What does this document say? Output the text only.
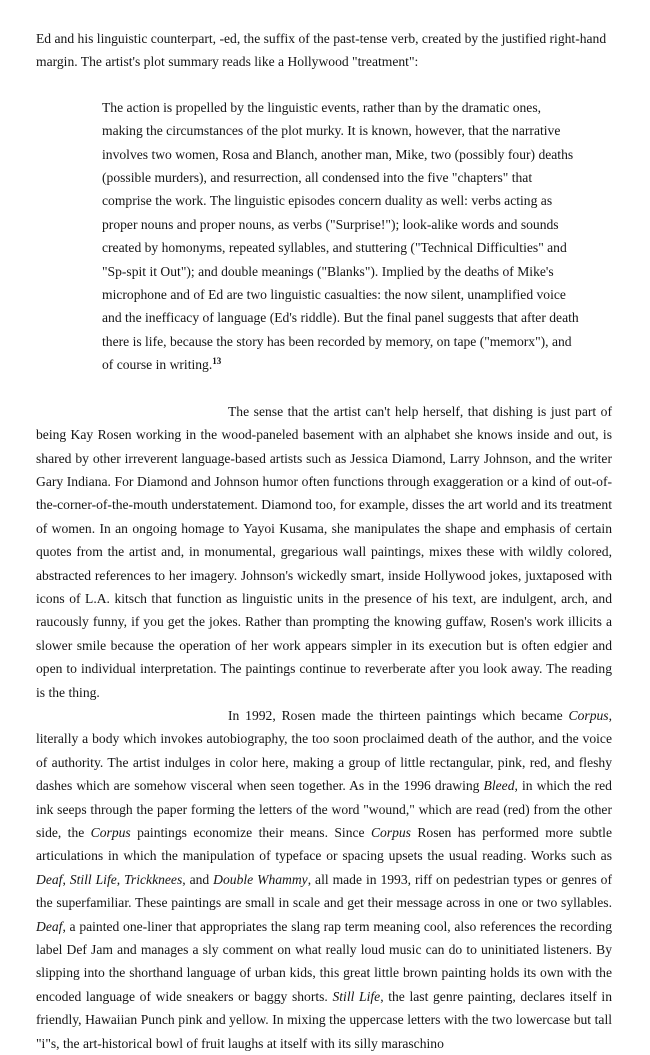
Ed and his linguistic counterpart, -ed, the suffix of the past-tense verb, created by the justified right-hand margin. The artist's plot summary reads like a Hollywood "treatment":

The action is propelled by the linguistic events, rather than by the dramatic ones, making the circumstances of the plot murky. It is known, however, that the narrative involves two women, Rosa and Blanch, another man, Mike, two (possibly four) deaths (possible murders), and resurrection, all condensed into the five "chapters" that comprise the work. The linguistic episodes concern duality as well: verbs acting as proper nouns and proper nouns, as verbs ("Surprise!"); look-alike words and sounds created by homonyms, repeated syllables, and stuttering ("Technical Difficulties" and "Sp-spit it Out"); and double meanings ("Blanks"). Implied by the deaths of Mike's microphone and of Ed are two linguistic casualties: the now silent, unamplified voice and the inefficacy of language (Ed's riddle). But the final panel suggests that after death there is life, because the story has been recorded by memory, on tape ("memorx"), and of course in writing.$^{13}$

The sense that the artist can't help herself, that dishing is just part of being Kay Rosen working in the wood-paneled basement with an alphabet she knows inside and out, is shared by other irreverent language-based artists such as Jessica Diamond, Larry Johnson, and the writer Gary Indiana. For Diamond and Johnson humor often functions through exaggeration or a kind of out-of-the-corner-of-the-mouth understatement. Diamond too, for example, disses the art world and its treatment of women. In an ongoing homage to Yayoi Kusama, she manipulates the shape and emphasis of certain quotes from the artist and, in monumental, gregarious wall paintings, mixes these with wildly colored, abstracted references to her imagery. Johnson's wickedly smart, inside Hollywood jokes, juxtaposed with icons of L.A. kitsch that function as linguistic units in the presence of his text, are indulgent, arch, and raucously funny, if you get the jokes. Rather than prompting the knowing guffaw, Rosen's work illicits a slower smile because the operation of her work appears simpler in its execution but is often edgier and open to individual interpretation. The paintings continue to reverberate after you look away. The reading is the thing.

In 1992, Rosen made the thirteen paintings which became Corpus, literally a body which invokes autobiography, the too soon proclaimed death of the author, and the voice of authority. The artist indulges in color here, making a group of little rectangular, pink, red, and fleshy dashes which are somehow visceral when seen together. As in the 1996 drawing Bleed, in which the red ink seeps through the paper forming the letters of the word "wound," which are read (red) from the other side, the Corpus paintings economize their means. Since Corpus Rosen has performed more subtle articulations in which the manipulation of typeface or spacing upsets the usual reading. Works such as Deaf, Still Life, Trickknees, and Double Whammy, all made in 1993, riff on pedestrian types or genres of the superfamiliar. These paintings are small in scale and get their message across in one or two syllables. Deaf, a painted one-liner that appropriates the slang rap term meaning cool, also references the recording label Def Jam and manages a sly comment on what really loud music can do to uninitiated listeners. By slipping into the shorthand language of urban kids, this great little brown painting holds its own with the encoded language of wide sneakers or baggy shorts. Still Life, the last genre painting, declares itself in friendly, Hawaiian Punch pink and yellow. In mixing the uppercase letters with the two lowercase but tall "i"s, the art-historical bowl of fruit laughs at itself with its silly maraschino
